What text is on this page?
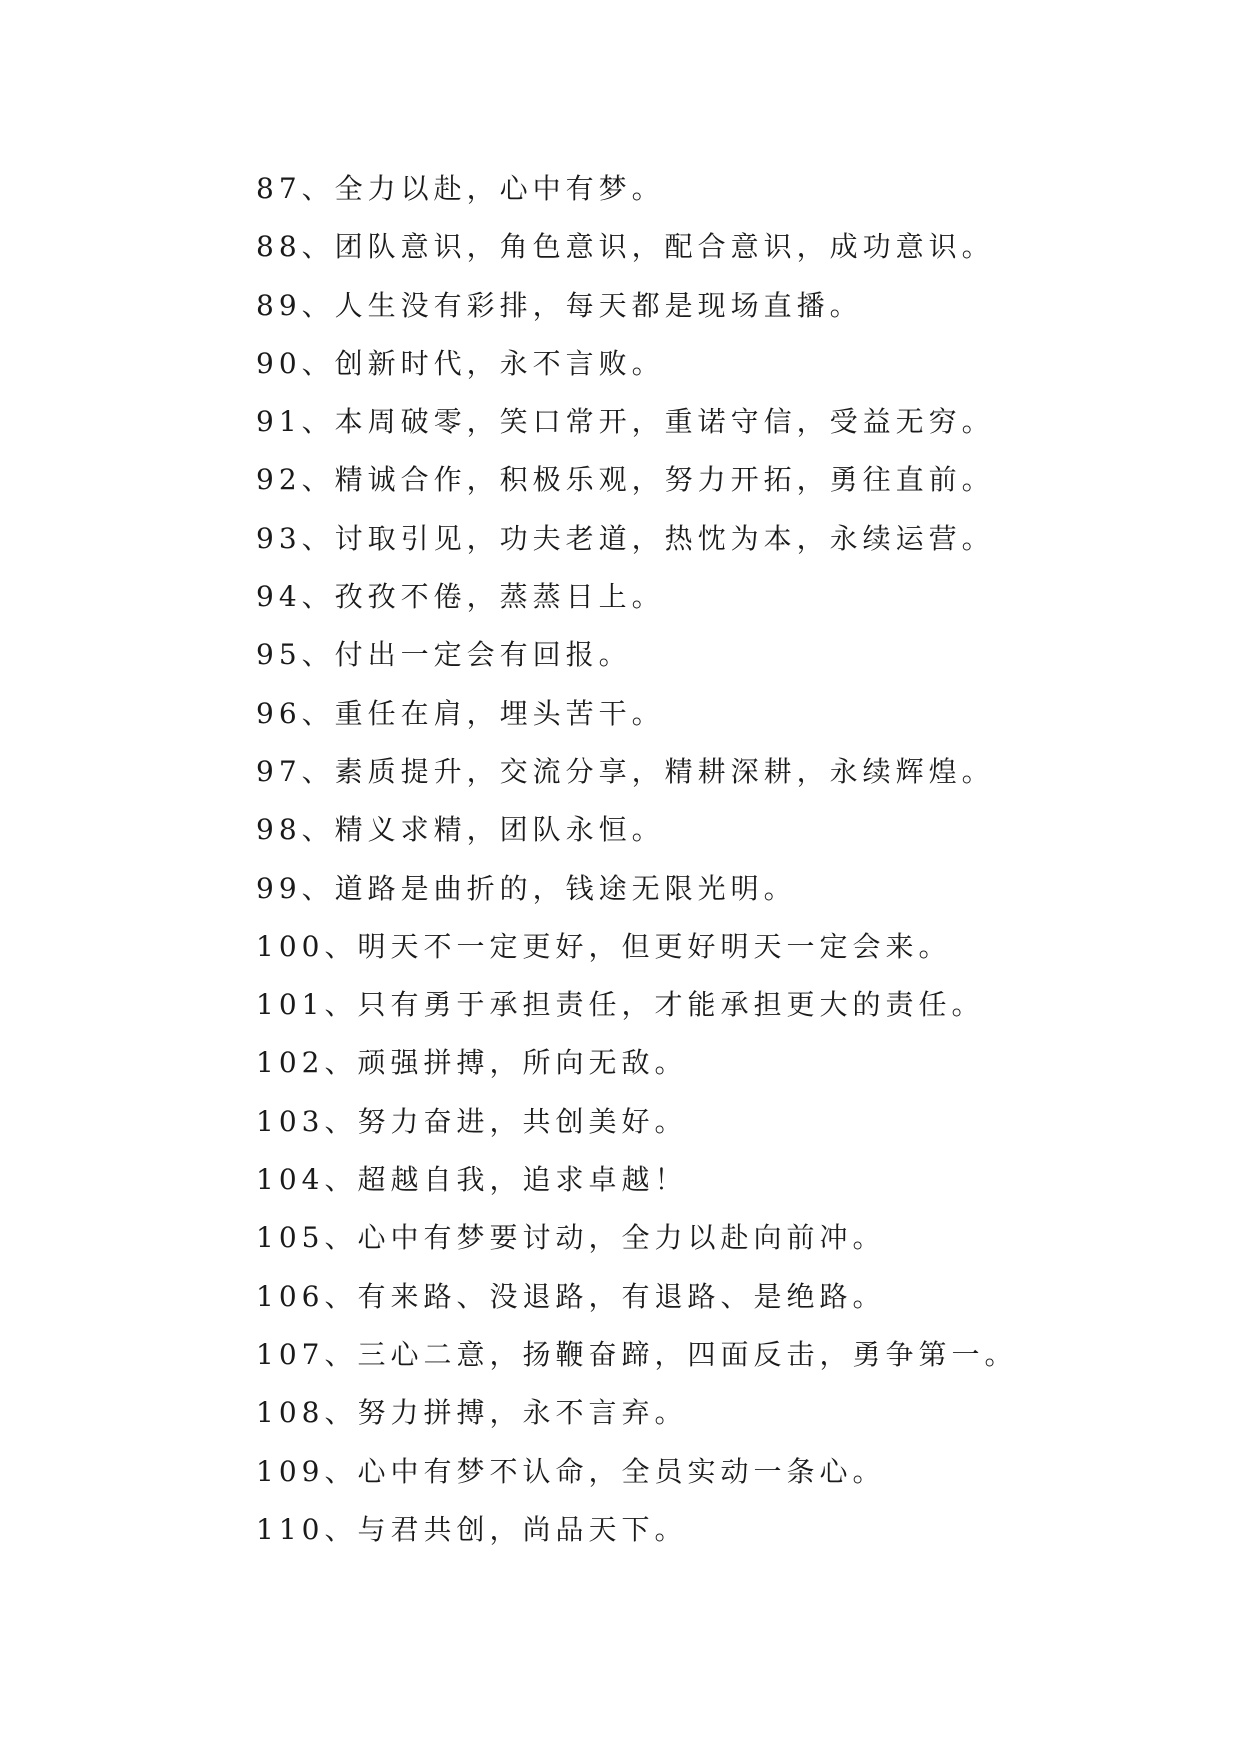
87、全力以赴，心中有梦。
88、团队意识，角色意识，配合意识，成功意识。
89、人生没有彩排，每天都是现场直播。
90、创新时代，永不言败。
91、本周破零，笑口常开，重诺守信，受益无穷。
92、精诚合作，积极乐观，努力开拓，勇往直前。
93、讨取引见，功夫老道，热忱为本，永续运营。
94、孜孜不倦，蒸蒸日上。
95、付出一定会有回报。
96、重任在肩，埋头苦干。
97、素质提升，交流分享，精耕深耕，永续辉煌。
98、精义求精，团队永恒。
99、道路是曲折的，钱途无限光明。
100、明天不一定更好，但更好明天一定会来。
101、只有勇于承担责任，才能承担更大的责任。
102、顽强拼搏，所向无敌。
103、努力奋进，共创美好。
104、超越自我，追求卓越！
105、心中有梦要讨动，全力以赴向前冲。
106、有来路、没退路，有退路、是绝路。
107、三心二意，扬鞭奋蹄，四面反击，勇争第一。
108、努力拼搏，永不言弃。
109、心中有梦不认命，全员实动一条心。
110、与君共创，尚品天下。
